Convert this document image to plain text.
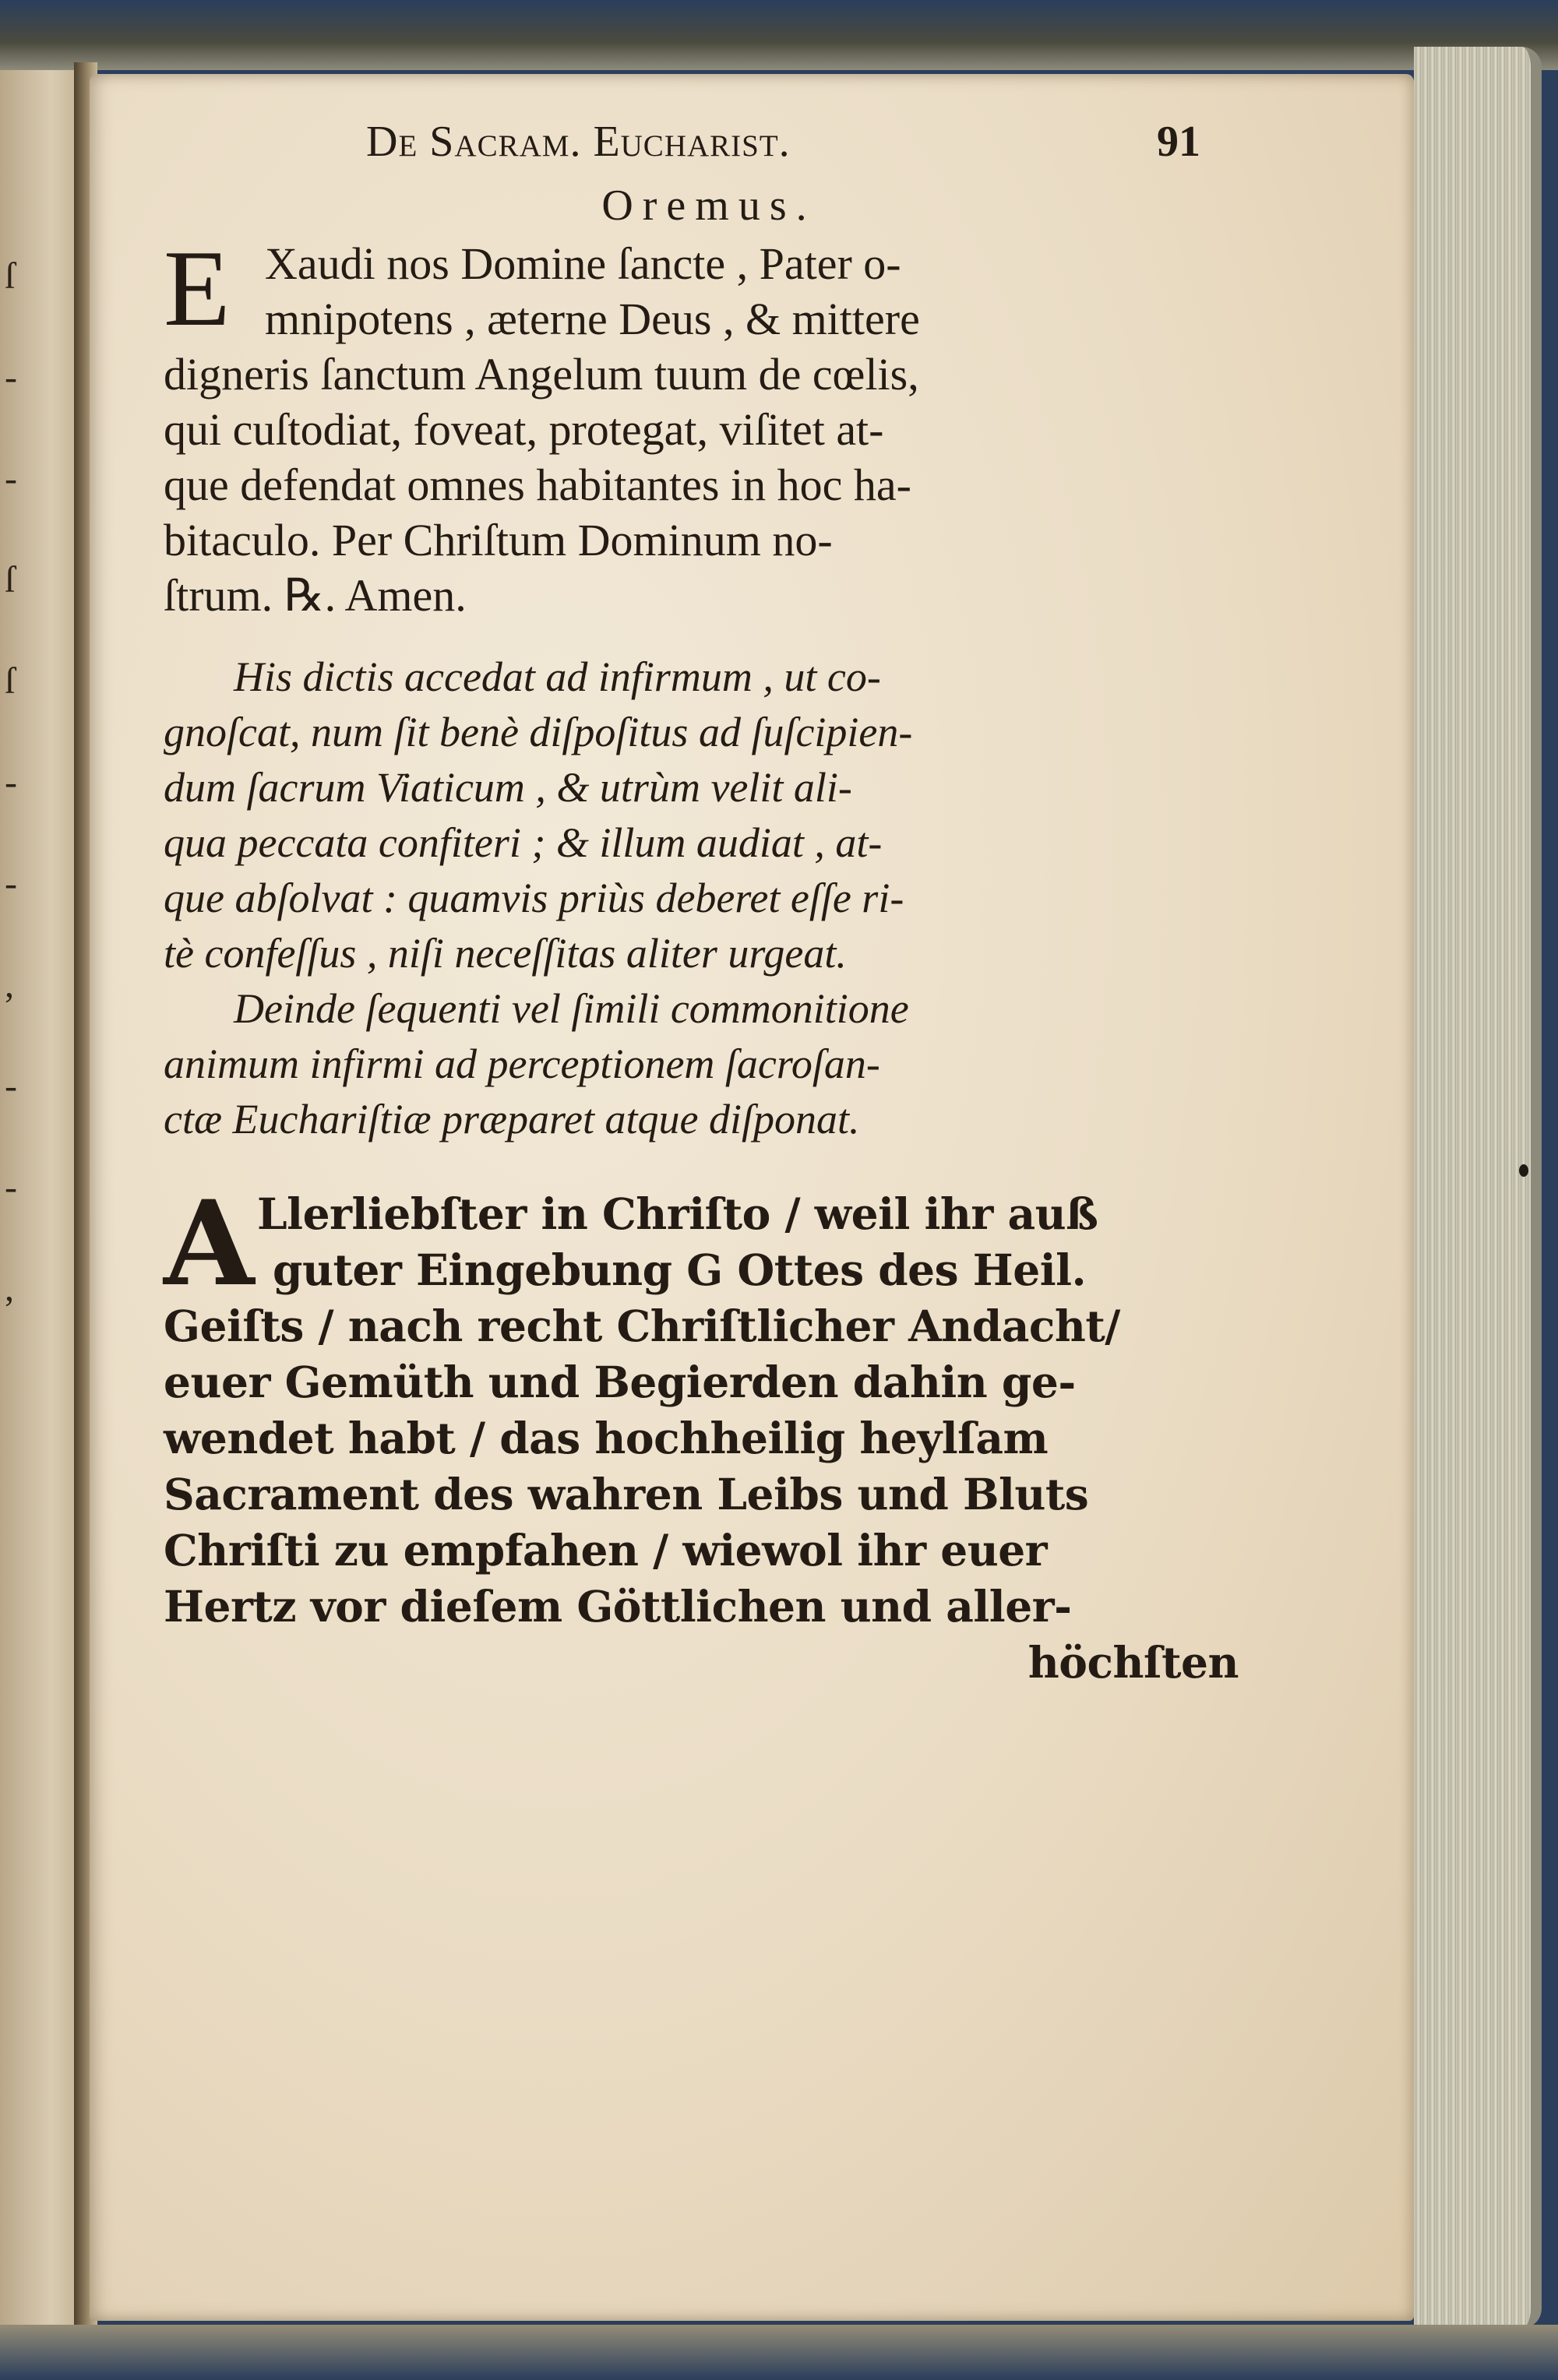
ſ
-
-
ſ
ſ
-
-
,
-
-
,
De Sacram. Eucharist.	91
Oremus.
E Xaudi nos Domine ſancte , Pater o-
mnipotens , æterne Deus , & mittere
digneris ſanctum Angelum tuum de cœlis,
qui cuſtodiat, foveat, protegat, viſitet at-
que defendat omnes habitantes in hoc ha-
bitaculo. Per Chriſtum Dominum no-
ſtrum. ℞. Amen.
His dictis accedat ad infirmum , ut co-
gnoſcat, num ſit benè diſpoſitus ad ſuſcipien-
dum ſacrum Viaticum , & utrùm velit ali-
qua peccata confiteri ; & illum audiat , at-
que abſolvat : quamvis priùs deberet eſſe ri-
tè confeſſus , niſi neceſſitas aliter urgeat.
Deinde ſequenti vel ſimili commonitione
animum infirmi ad perceptionem ſacroſan-
ctæ Euchariſtiæ præparet atque diſponat.
A Llerliebſter in Chriſto / weil ihr auß
guter Eingebung G Ottes des Heil.
Geiſts / nach recht Chriſtlicher Andacht/
euer Gemüth und Begierden dahin ge-
wendet habt / das hochheilig heylſam
Sacrament des wahren Leibs und Bluts
Chriſti zu empfahen / wiewol ihr euer
Hertz vor dieſem Göttlichen und aller-
höchſten
